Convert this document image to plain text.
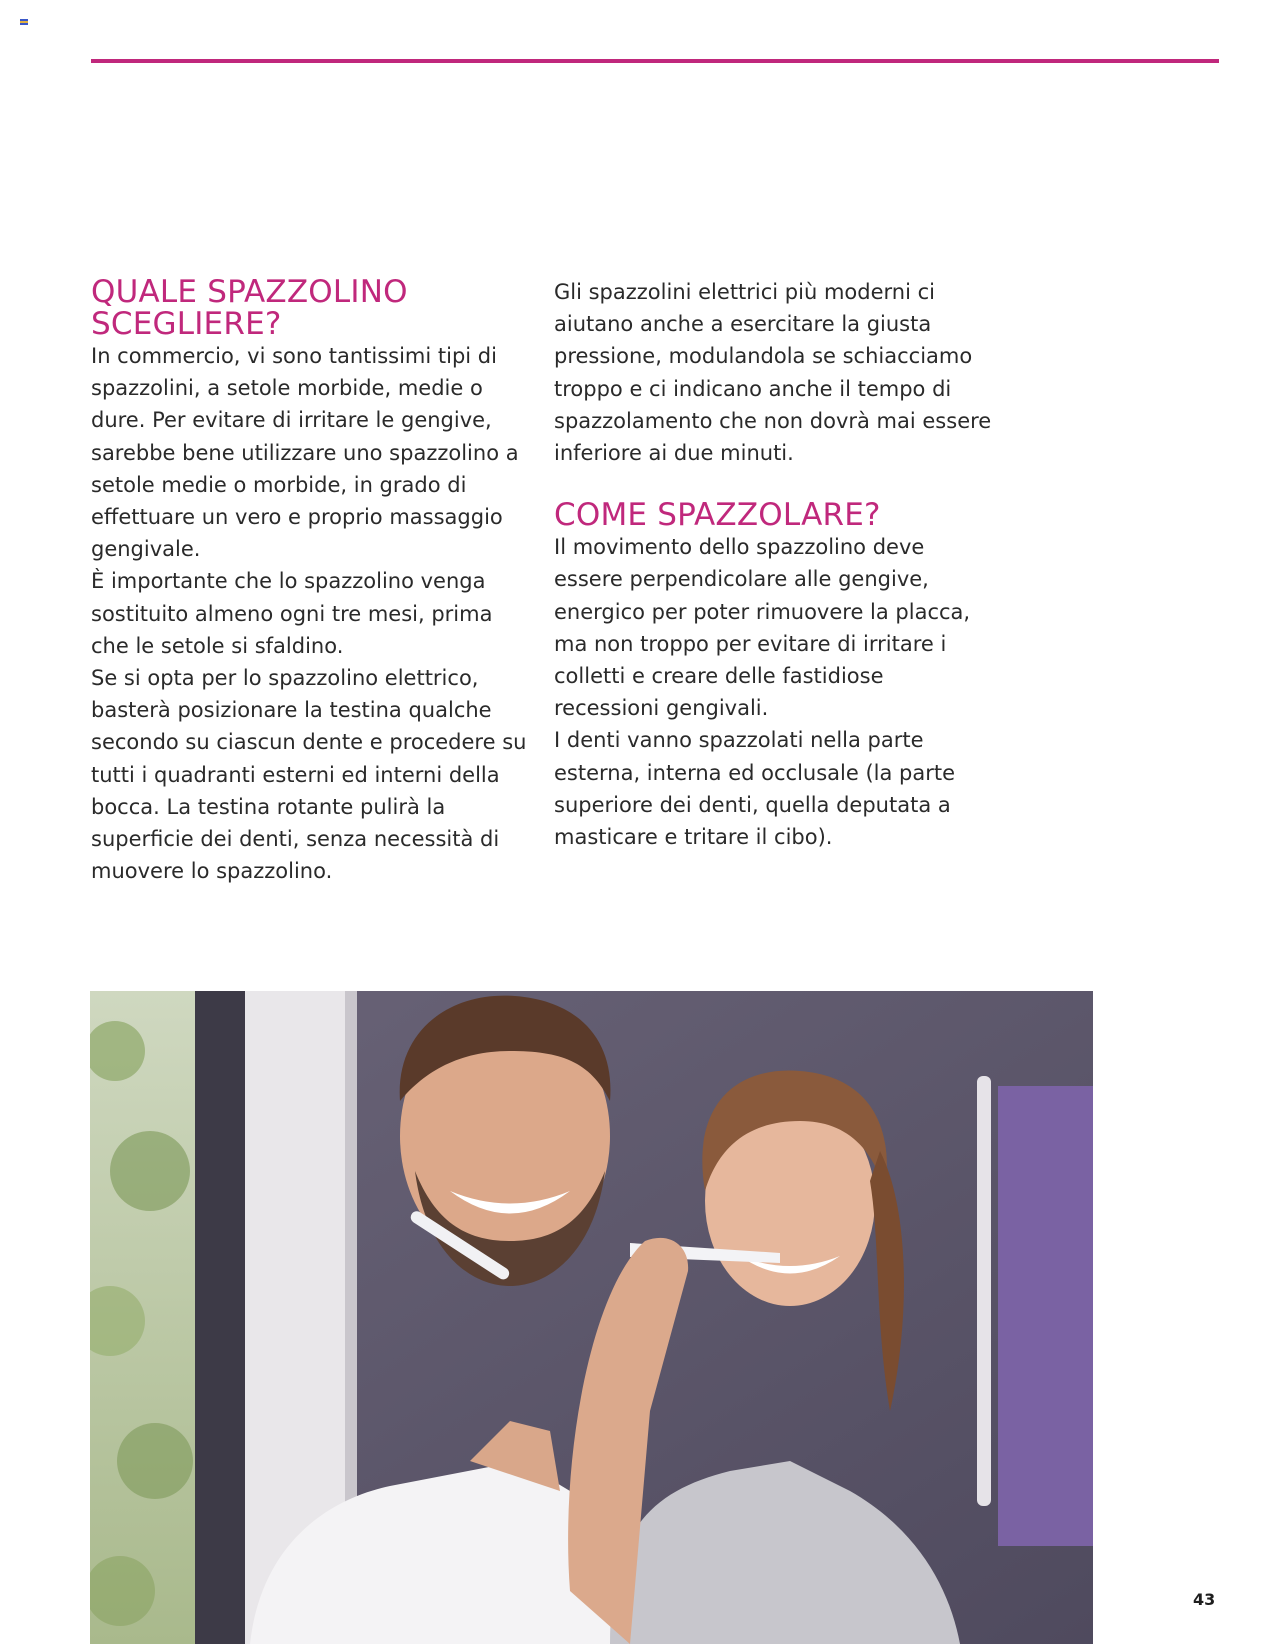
QUALE SPAZZOLINO SCEGLIERE?

In commercio, vi sono tantissimi tipi di spazzolini, a setole morbide, medie o dure. Per evitare di irritare le gengive, sarebbe bene utilizzare uno spazzolino a setole medie o morbide, in grado di effettuare un vero e proprio massaggio gengivale.

È importante che lo spazzolino venga sostituito almeno ogni tre mesi, prima che le setole si sfaldino.

Se si opta per lo spazzolino elettrico, basterà posizionare la testina qualche secondo su ciascun dente e procedere su tutti i quadranti esterni ed interni della bocca. La testina rotante pulirà la superficie dei denti, senza necessità di muovere lo spazzolino.

Gli spazzolini elettrici più moderni ci aiutano anche a esercitare la giusta pressione, modulandola se schiacciamo troppo e ci indicano anche il tempo di spazzolamento che non dovrà mai essere inferiore ai due minuti.

COME SPAZZOLARE?

Il movimento dello spazzolino deve essere perpendicolare alle gengive, energico per poter rimuovere la placca, ma non troppo per evitare di irritare i colletti e creare delle fastidiose recessioni gengivali.

I denti vanno spazzolati nella parte esterna, interna ed occlusale (la parte superiore dei denti, quella deputata a masticare e tritare il cibo).

43
